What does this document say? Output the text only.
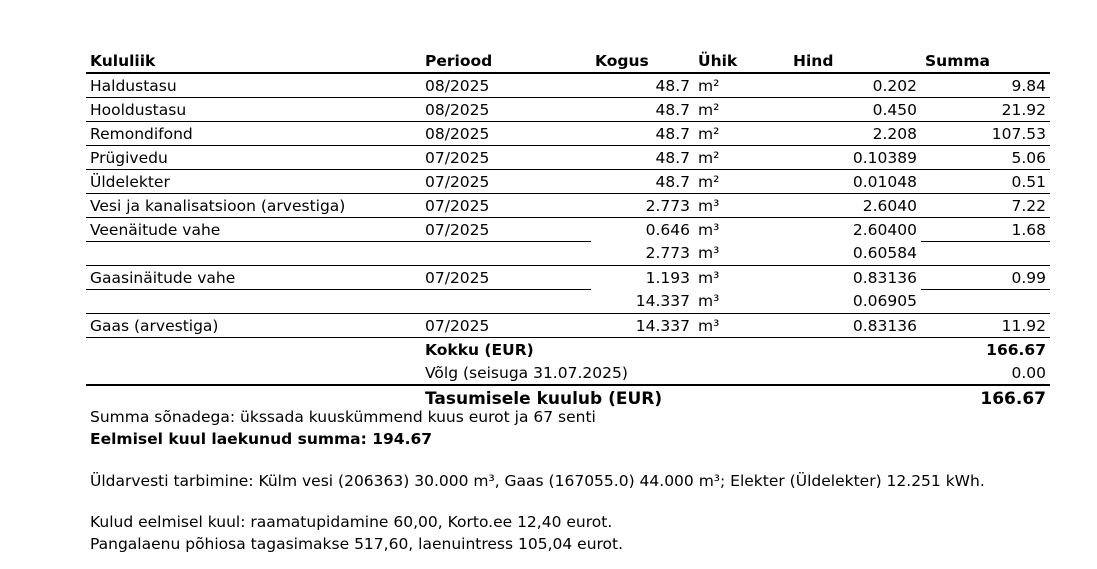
Kululiik	Periood	Kogus	Ühik	Hind	Summa
Haldustasu	08/2025	48.7	m²	0.202	9.84
Hooldustasu	08/2025	48.7	m²	0.450	21.92
Remondifond	08/2025	48.7	m²	2.208	107.53
Prügivedu	07/2025	48.7	m²	0.10389	5.06
Üldelekter	07/2025	48.7	m²	0.01048	0.51
Vesi ja kanalisatsioon (arvestiga)	07/2025	2.773	m³	2.6040	7.22
Veenäitude vahe	07/2025	0.646	m³	2.60400	1.68
		2.773	m³	0.60584	
Gaasinäitude vahe	07/2025	1.193	m³	0.83136	0.99
		14.337	m³	0.06905	
Gaas (arvestiga)	07/2025	14.337	m³	0.83136	11.92
	Kokku (EUR)				166.67
	Võlg (seisuga 31.07.2025)				0.00
	Tasumisele kuulub (EUR)				166.67
Summa sõnadega: ükssada kuuskümmend kuus eurot ja 67 senti
Eelmisel kuul laekunud summa: 194.67
Üldarvesti tarbimine: Külm vesi (206363) 30.000 m³, Gaas (167055.0) 44.000 m³; Elekter (Üldelekter) 12.251 kWh.
Kulud eelmisel kuul: raamatupidamine 60,00, Korto.ee 12,40 eurot.
Pangalaenu põhiosa tagasimakse 517,60, laenuintress 105,04 eurot.
